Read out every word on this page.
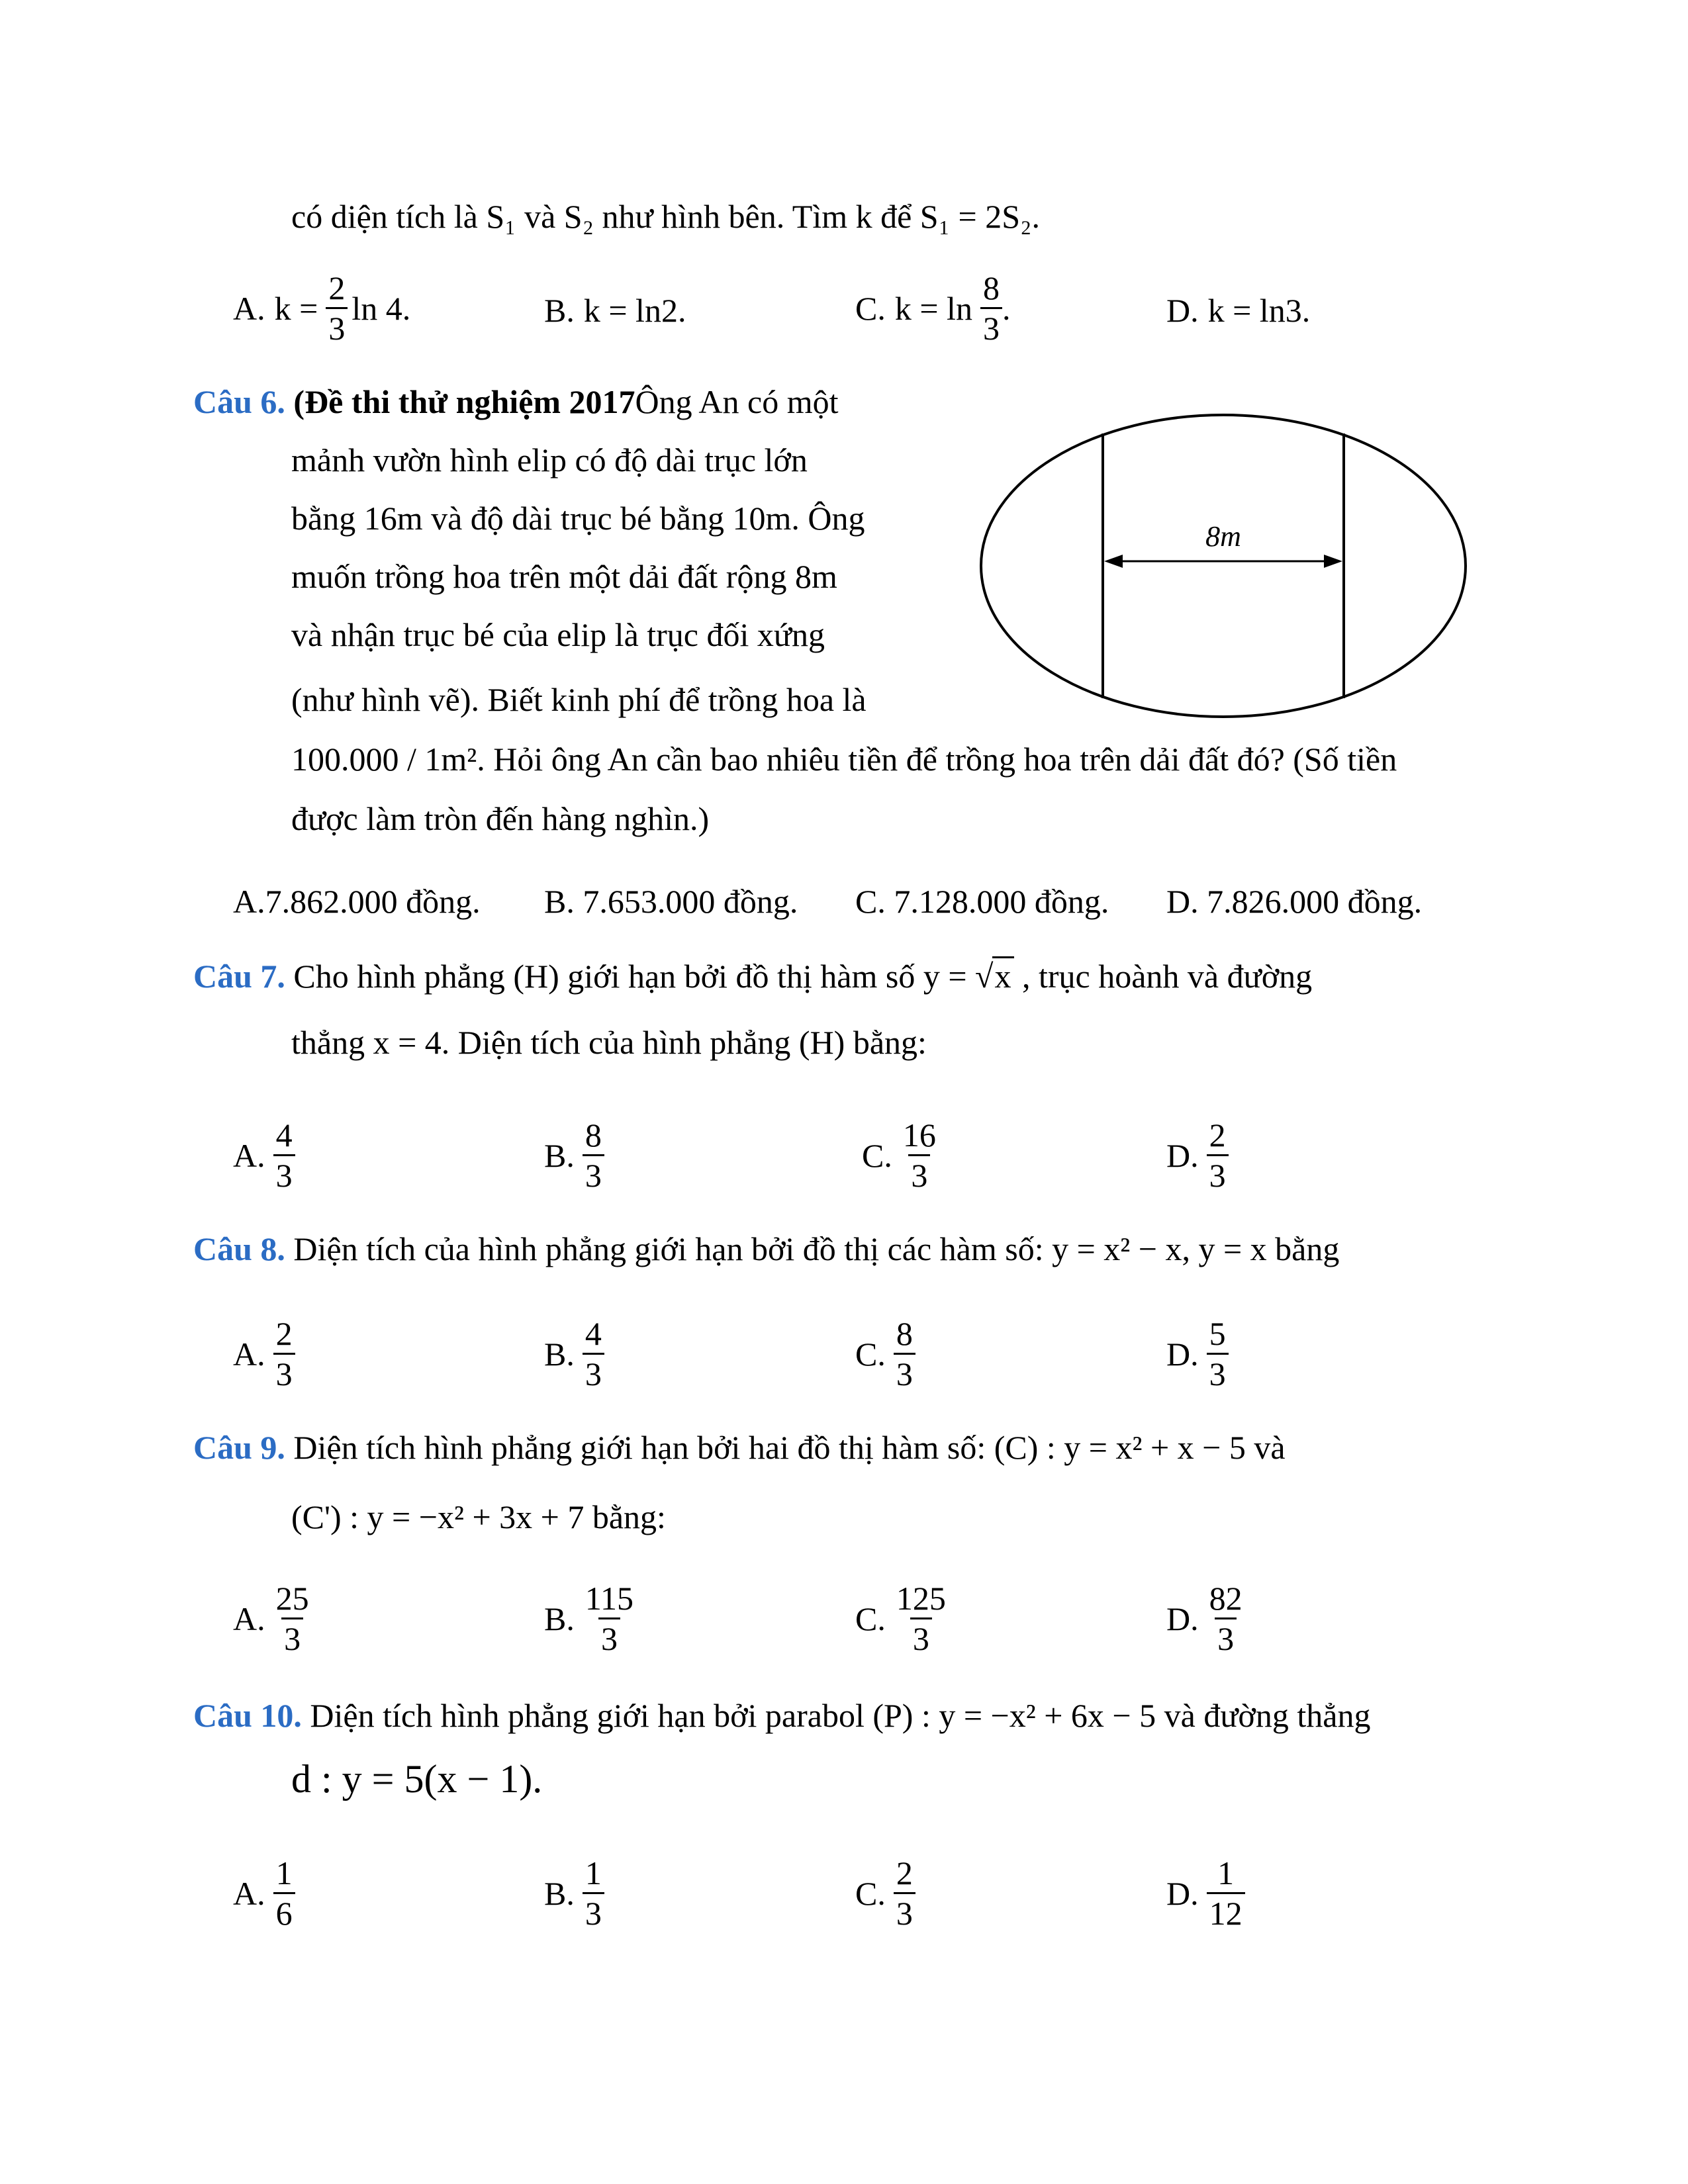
có diện tích là S₁ và S₂ như hình bên. Tìm k để S₁ = 2S₂.
A. $k = \frac{2}{3}$ ln 4.	B. k = ln2.	C. $k = \ln \frac{8}{3}$ .	D. k = ln3.
Câu 6. (Đề thi thử nghiệm 2017Ông An có một
mảnh vườn hình elip có độ dài trục lớn
bằng 16m và độ dài trục bé bằng 10m. Ông
muốn trồng hoa trên một dải đất rộng 8m
và nhận trục bé của elip là trục đối xứng
(như hình vẽ). Biết kinh phí để trồng hoa là
100.000 / 1m². Hỏi ông An cần bao nhiêu tiền để trồng hoa trên dải đất đó? (Số tiền
được làm tròn đến hàng nghìn.)
8m
A.7.862.000 đồng. B. 7.653.000 đồng. C. 7.128.000 đồng. D. 7.826.000 đồng.
Câu 7. Cho hình phẳng (H) giới hạn bởi đồ thị hàm số y = √x , trục hoành và đường
thẳng x = 4. Diện tích của hình phẳng (H) bằng:
A. $\frac{4}{3}$	B. $\frac{8}{3}$	C. $\frac{16}{3}$	D. $\frac{2}{3}$
Câu 8. Diện tích của hình phẳng giới hạn bởi đồ thị các hàm số: y = x² − x, y = x bằng
A. $\frac{2}{3}$	B. $\frac{4}{3}$	C. $\frac{8}{3}$	D. $\frac{5}{3}$
Câu 9. Diện tích hình phẳng giới hạn bởi hai đồ thị hàm số: (C) : y = x² + x − 5 và
(C') : y = −x² + 3x + 7 bằng:
A. $\frac{25}{3}$	B. $\frac{115}{3}$	C. $\frac{125}{3}$	D. $\frac{82}{3}$
Câu 10. Diện tích hình phẳng giới hạn bởi parabol (P) : y = −x² + 6x − 5 và đường thẳng
d : y = 5(x − 1).
A. $\frac{1}{6}$	B. $\frac{1}{3}$	C. $\frac{2}{3}$	D. $\frac{1}{12}$
